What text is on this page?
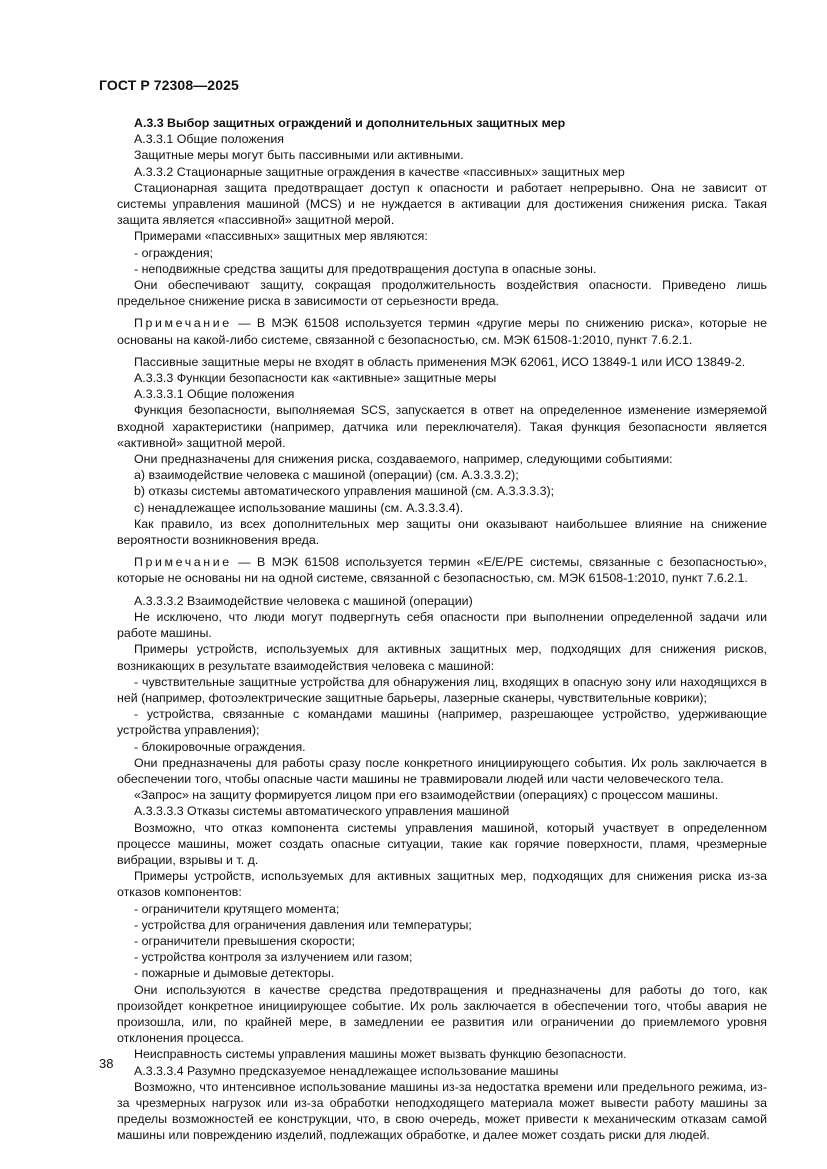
ГОСТ Р 72308—2025

А.3.3 Выбор защитных ограждений и дополнительных защитных мер

А.3.3.1 Общие положения

Защитные меры могут быть пассивными или активными.

А.3.3.2 Стационарные защитные ограждения в качестве «пассивных» защитных мер

Стационарная защита предотвращает доступ к опасности и работает непрерывно. Она не зависит от системы управления машиной (MCS) и не нуждается в активации для достижения снижения риска. Такая защита является «пассивной» защитной мерой.

Примерами «пассивных» защитных мер являются:

- ограждения;

- неподвижные средства защиты для предотвращения доступа в опасные зоны.

Они обеспечивают защиту, сокращая продолжительность воздействия опасности. Приведено лишь предельное снижение риска в зависимости от серьезности вреда.

Примечание — В МЭК 61508 используется термин «другие меры по снижению риска», которые не основаны на какой-либо системе, связанной с безопасностью, см. МЭК 61508-1:2010, пункт 7.6.2.1.

Пассивные защитные меры не входят в область применения МЭК 62061, ИСО 13849-1 или ИСО 13849-2.

А.3.3.3 Функции безопасности как «активные» защитные меры

А.3.3.3.1 Общие положения

Функция безопасности, выполняемая SCS, запускается в ответ на определенное изменение измеряемой входной характеристики (например, датчика или переключателя). Такая функция безопасности является «активной» защитной мерой.

Они предназначены для снижения риска, создаваемого, например, следующими событиями:

а) взаимодействие человека с машиной (операции) (см. А.3.3.3.2);

b) отказы системы автоматического управления машиной (см. А.3.3.3.3);

с) ненадлежащее использование машины (см. А.3.3.3.4).

Как правило, из всех дополнительных мер защиты они оказывают наибольшее влияние на снижение вероятности возникновения вреда.

Примечание — В МЭК 61508 используется термин «Е/Е/РЕ системы, связанные с безопасностью», которые не основаны ни на одной системе, связанной с безопасностью, см. МЭК 61508-1:2010, пункт 7.6.2.1.

А.3.3.3.2 Взаимодействие человека с машиной (операции)

Не исключено, что люди могут подвергнуть себя опасности при выполнении определенной задачи или работе машины.

Примеры устройств, используемых для активных защитных мер, подходящих для снижения рисков, возникающих в результате взаимодействия человека с машиной:

- чувствительные защитные устройства для обнаружения лиц, входящих в опасную зону или находящихся в ней (например, фотоэлектрические защитные барьеры, лазерные сканеры, чувствительные коврики);

- устройства, связанные с командами машины (например, разрешающее устройство, удерживающие устройства управления);

- блокировочные ограждения.

Они предназначены для работы сразу после конкретного инициирующего события. Их роль заключается в обеспечении того, чтобы опасные части машины не травмировали людей или части человеческого тела.

«Запрос» на защиту формируется лицом при его взаимодействии (операциях) с процессом машины.

А.3.3.3.3 Отказы системы автоматического управления машиной

Возможно, что отказ компонента системы управления машиной, который участвует в определенном процессе машины, может создать опасные ситуации, такие как горячие поверхности, пламя, чрезмерные вибрации, взрывы и т. д.

Примеры устройств, используемых для активных защитных мер, подходящих для снижения риска из-за отказов компонентов:

- ограничители крутящего момента;

- устройства для ограничения давления или температуры;

- ограничители превышения скорости;

- устройства контроля за излучением или газом;

- пожарные и дымовые детекторы.

Они используются в качестве средства предотвращения и предназначены для работы до того, как произойдет конкретное инициирующее событие. Их роль заключается в обеспечении того, чтобы авария не произошла, или, по крайней мере, в замедлении ее развития или ограничении до приемлемого уровня отклонения процесса.

Неисправность системы управления машины может вызвать функцию безопасности.

А.3.3.3.4 Разумно предсказуемое ненадлежащее использование машины

Возможно, что интенсивное использование машины из-за недостатка времени или предельного режима, из-за чрезмерных нагрузок или из-за обработки неподходящего материала может вывести работу машины за пределы возможностей ее конструкции, что, в свою очередь, может привести к механическим отказам самой машины или повреждению изделий, подлежащих обработке, и далее может создать риски для людей.

38
